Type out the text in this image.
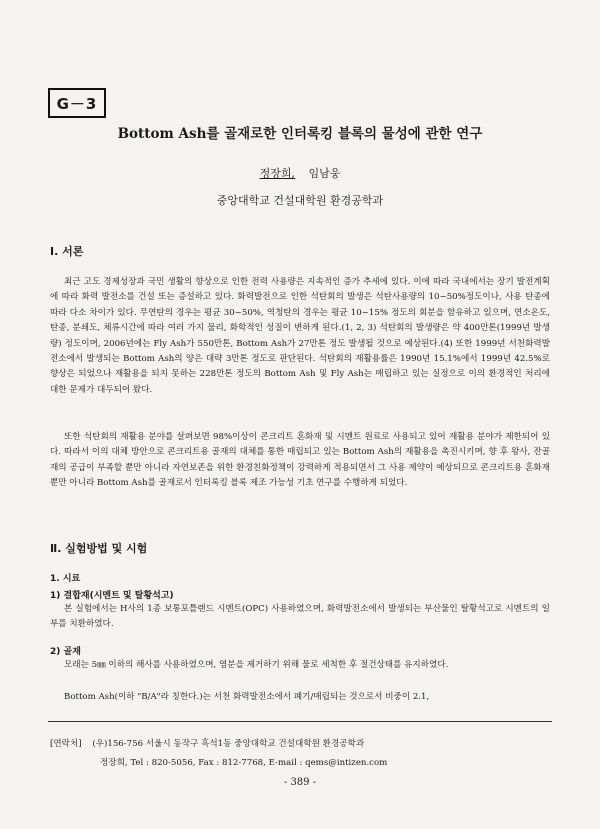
G－3
Bottom Ash를 골재로한 인터록킹 블록의 물성에 관한 연구
정장희, 임남웅
중앙대학교 건설대학원 환경공학과
Ⅰ. 서론

최근 고도 경제성장과 국민 생활의 향상으로 인한 전력 사용량은 지속적인 증가 추세에 있다. 이에 따라 국내에서는 장기 발전계획에 따라 화력 발전소를 건설 또는 증설하고 있다. 화력발전으로 인한 석탄회의 발생은 석탄사용량의 10~50%정도이나, 사용 탄종에 따라 다소 차이가 있다. 무연탄의 경우는 평균 30~50%, 역청탄의 경우는 평균 10~15% 정도의 회분을 함유하고 있으며, 연소온도, 탄종, 분쇄도, 체류시간에 따라 여러 가지 물리, 화학적인 성질이 변하게 된다.(1, 2, 3) 석탄회의 발생량은 약 400만톤(1999년 발생량) 정도이며, 2006년에는 Fly Ash가 550만톤, Bottom Ash가 27만톤 정도 발생될 것으로 예상된다.(4) 또한 1999년 서천화력발전소에서 발생되는 Bottom Ash의 양은 대략 3만톤 정도로 판단된다. 석탄회의 재활용률은 1990년 15.1%에서 1999년 42.5%로 향상은 되었으나 재활용을 되지 못하는 228만톤 정도의 Bottom Ash 및 Fly Ash는 매립하고 있는 실정으로 이의 환경적인 처리에 대한 문제가 대두되어 왔다.

또한 석탄회의 재활용 분야를 살펴보면 98%이상이 콘크리트 혼화재 및 시멘트 원료로 사용되고 있어 재활용 분야가 제한되어 있다. 따라서 이의 대체 방안으로 콘크리트용 골재의 대체를 통한 매립되고 있는 Bottom Ash의 재활용을 촉진시키며, 향 후 왕사, 잔골재의 공급이 부족할 뿐만 아니라 자연보존을 위한 환경친화정책이 강력하게 적용되면서 그 사용 제약이 예상되므로 콘크리트용 혼화재 뿐만 아니라 Bottom Ash를 골재로서 인터록킹 블록 제조 가능성 기초 연구를 수행하게 되었다.

Ⅱ. 실험방법 및 시험
1. 시료
1) 결합재(시멘트 및 탈황석고)

본 실험에서는 H사의 1종 보통포틀랜드 시멘트(OPC) 사용하였으며, 화력발전소에서 발생되는 부산물인 탈황석고로 시멘트의 일부를 치환하였다.

2) 골재

모래는 5㎜ 이하의 해사를 사용하였으며, 염분을 제거하기 위해 물로 세척한 후 절건상태를 유지하였다.

Bottom Ash(이하 "B/A"라 칭한다.)는 서천 화력발전소에서 폐기/매립되는 것으로서 비중이 2.1,

[연락처] (우)156-756 서울시 동작구 흑석1동 중앙대학교 건설대학원 환경공학과
정장희, Tel : 820-5056, Fax : 812-7768, E-mail : qems@intizen.com
- 389 -
